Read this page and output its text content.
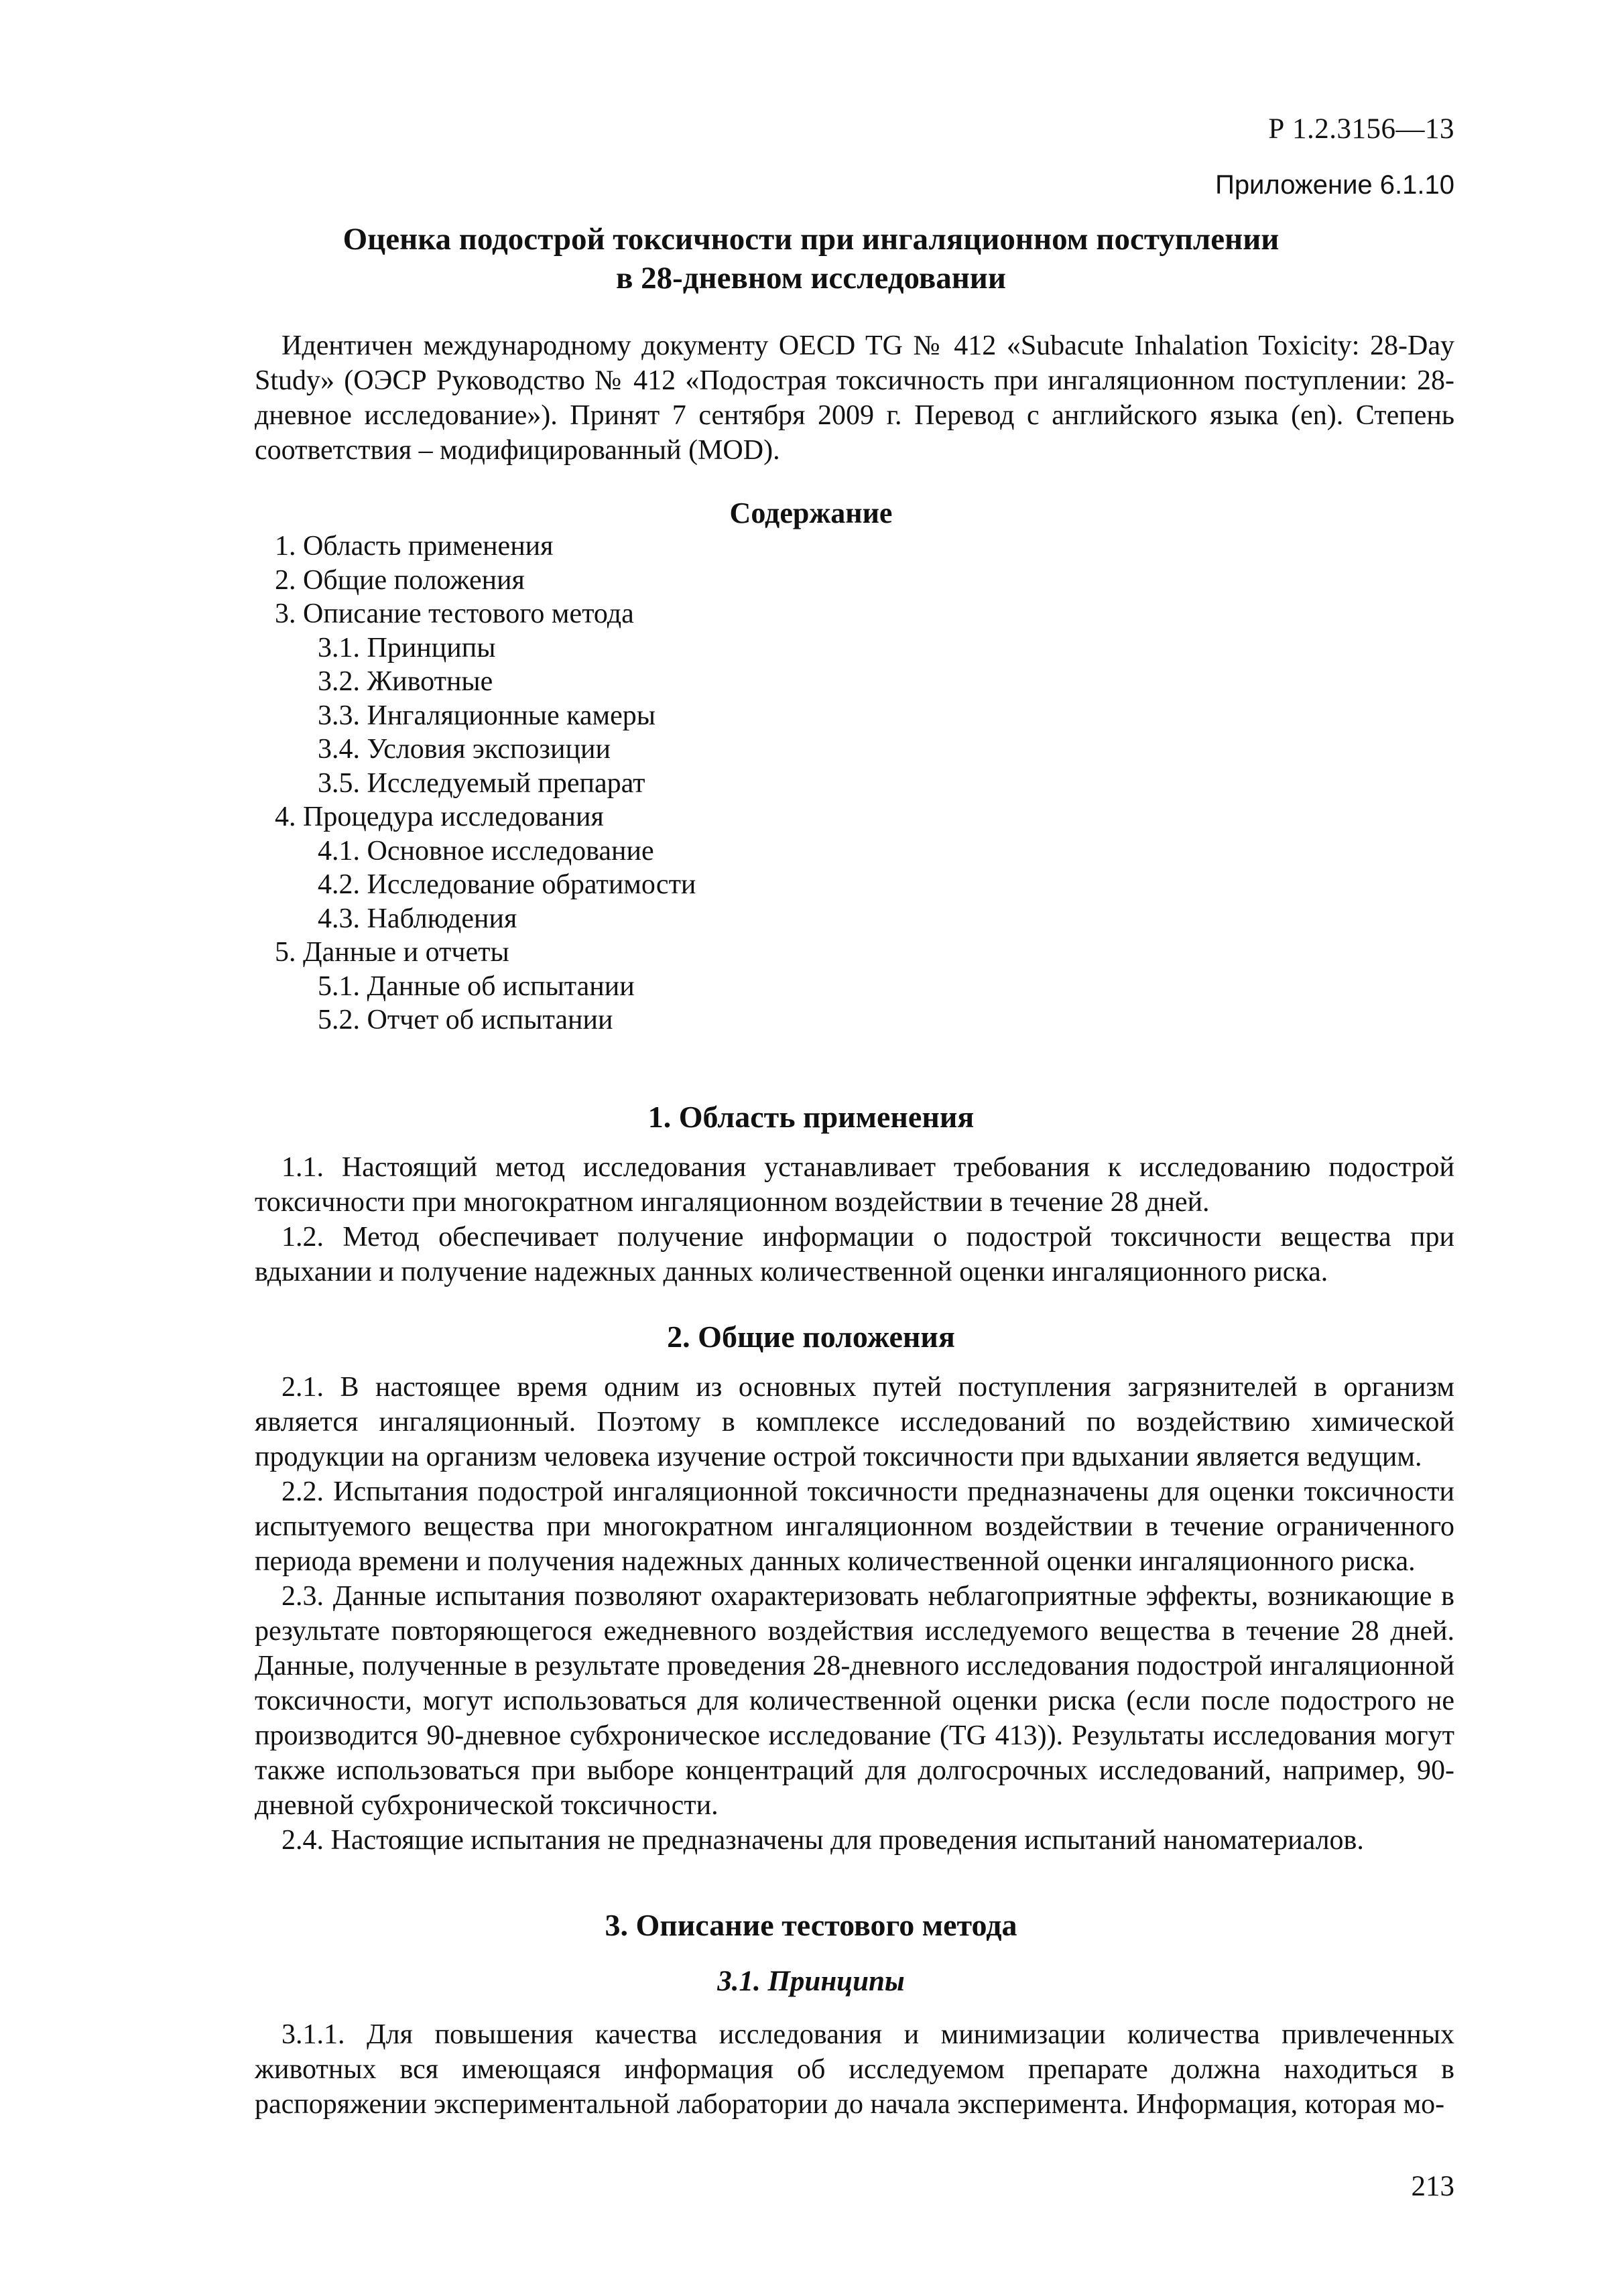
Р 1.2.3156—13
Приложение 6.1.10
Оценка подострой токсичности при ингаляционном поступлении
в 28-дневном исследовании

Идентичен международному документу OECD TG № 412 «Subacute Inhalation Toxicity: 28-Day Study» (ОЭСР Руководство № 412 «Подострая токсичность при ингаляционном поступлении: 28-дневное исследование»). Принят 7 сентября 2009 г. Перевод с английского языка (en). Степень соответствия – модифицированный (MOD).

Содержание
1. Область применения
2. Общие положения
3. Описание тестового метода
3.1. Принципы
3.2. Животные
3.3. Ингаляционные камеры
3.4. Условия экспозиции
3.5. Исследуемый препарат
4. Процедура исследования
4.1. Основное исследование
4.2. Исследование обратимости
4.3. Наблюдения
5. Данные и отчеты
5.1. Данные об испытании
5.2. Отчет об испытании
1. Область применения

1.1. Настоящий метод исследования устанавливает требования к исследованию подострой токсичности при многократном ингаляционном воздействии в течение 28 дней.

1.2. Метод обеспечивает получение информации о подострой токсичности вещества при вдыхании и получение надежных данных количественной оценки ингаляционного риска.

2. Общие положения

2.1. В настоящее время одним из основных путей поступления загрязнителей в организм является ингаляционный. Поэтому в комплексе исследований по воздействию химической продукции на организм человека изучение острой токсичности при вдыхании является ведущим.

2.2. Испытания подострой ингаляционной токсичности предназначены для оценки токсичности испытуемого вещества при многократном ингаляционном воздействии в течение ограниченного периода времени и получения надежных данных количественной оценки ингаляционного риска.

2.3. Данные испытания позволяют охарактеризовать неблагоприятные эффекты, возникающие в результате повторяющегося ежедневного воздействия исследуемого вещества в течение 28 дней. Данные, полученные в результате проведения 28-дневного исследования подострой ингаляционной токсичности, могут использоваться для количественной оценки риска (если после подострого не производится 90-дневное субхроническое исследование (TG 413)). Результаты исследования могут также использоваться при выборе концентраций для долгосрочных исследований, например, 90-дневной субхронической токсичности.

2.4. Настоящие испытания не предназначены для проведения испытаний наноматериалов.

3. Описание тестового метода
3.1. Принципы

3.1.1. Для повышения качества исследования и минимизации количества привлеченных животных вся имеющаяся информация об исследуемом препарате должна находиться в распоряжении экспериментальной лаборатории до начала эксперимента. Информация, которая мо-

213
